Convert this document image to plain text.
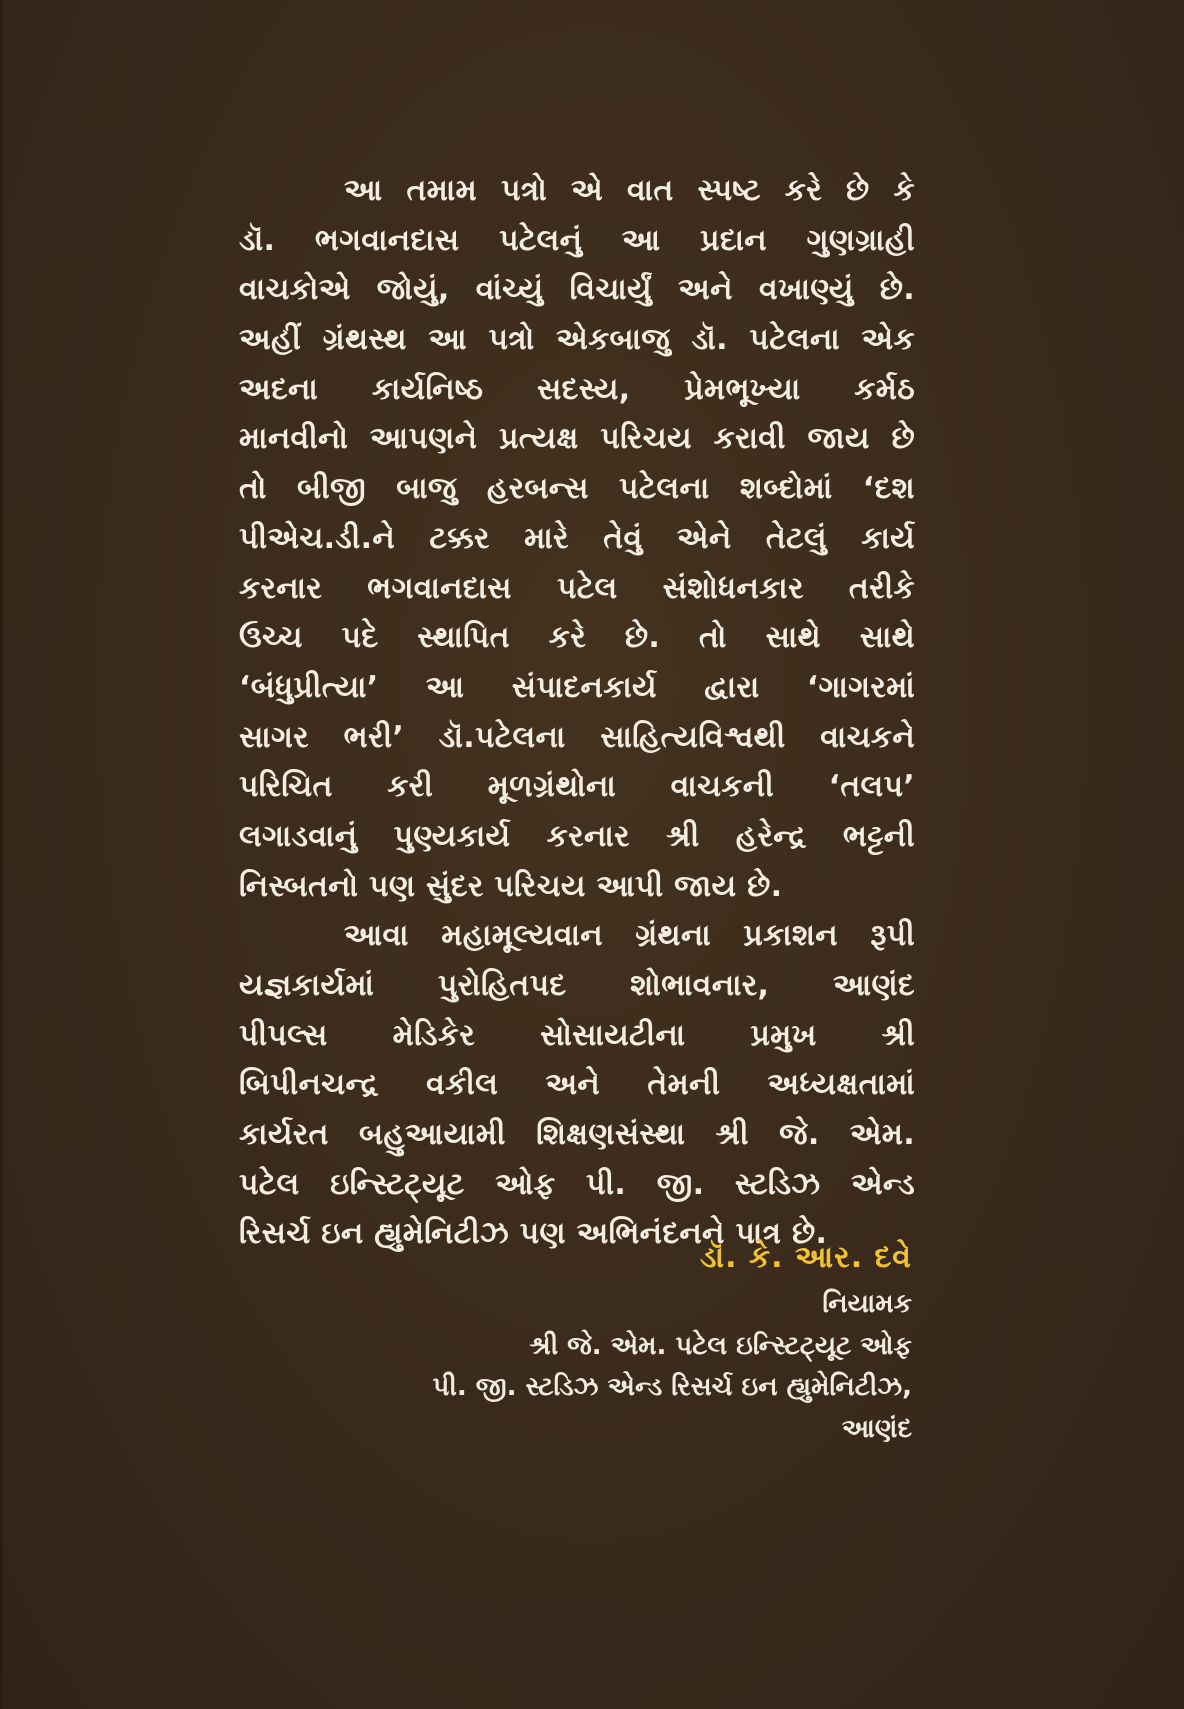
આ તમામ પત્રો એ વાત સ્પષ્ટ કરે છે કે
ડૉ. ભગવાનદાસ પટેલનું આ પ્રદાન ગુણગ્રાહી
વાચકોએ જોયું, વાંચ્યું વિચાર્યું અને વખાણ્યું છે.
અહીં ગ્રંથસ્થ આ પત્રો એકબાજુ ડૉ. પટેલના એક
અદના કાર્યનિષ્ઠ સદસ્ય, પ્રેમભૂખ્યા કર્મઠ
માનવીનો આપણને પ્રત્યક્ષ પરિચય કરાવી જાય છે
તો બીજી બાજુ હરબન્સ પટેલના શબ્દોમાં ‘દશ
પીએચ.ડી.ને ટક્કર મારે તેવું એને તેટલું કાર્ય
કરનાર ભગવાનદાસ પટેલ સંશોધનકાર તરીકે
ઉચ્ચ પદે સ્થાપિત કરે છે. તો સાથે સાથે
‘બંધુપ્રીત્યા’ આ સંપાદનકાર્ય દ્વારા ‘ગાગરમાં
સાગર ભરી’ ડૉ.પટેલના સાહિત્યવિશ્વથી વાચકને
પરિચિત કરી મૂળગ્રંથોના વાચકની ‘તલપ’
લગાડવાનું પુણ્યકાર્ય કરનાર શ્રી હરેન્દ્ર ભટ્ટની
નિસ્બતનો પણ સુંદર પરિચય આપી જાય છે.
આવા મહામૂલ્યવાન ગ્રંથના પ્રકાશન રૂપી
યજ્ઞકાર્યમાં પુરોહિતપદ શોભાવનાર, આણંદ
પીપલ્સ મેડિકેર સોસાયટીના પ્રમુખ શ્રી
બિપીનચન્દ્ર વકીલ અને તેમની અધ્યક્ષતામાં
કાર્યરત બહુઆયામી શિક્ષણસંસ્થા શ્રી જે. એમ.
પટેલ ઇન્સ્ટિટ્યૂટ ઓફ પી. જી. સ્ટડિઝ એન્ડ
રિસર્ચ ઇન હ્યુમેનિટીઝ પણ અભિનંદનને પાત્ર છે.
ડૉ. કે. આર. દવે
નિયામક
શ્રી જે. એમ. પટેલ ઇન્સ્ટિટ્યૂટ ઓફ
પી. જી. સ્ટડિઝ એન્ડ રિસર્ચ ઇન હ્યુમેનિટીઝ,
આણંદ
